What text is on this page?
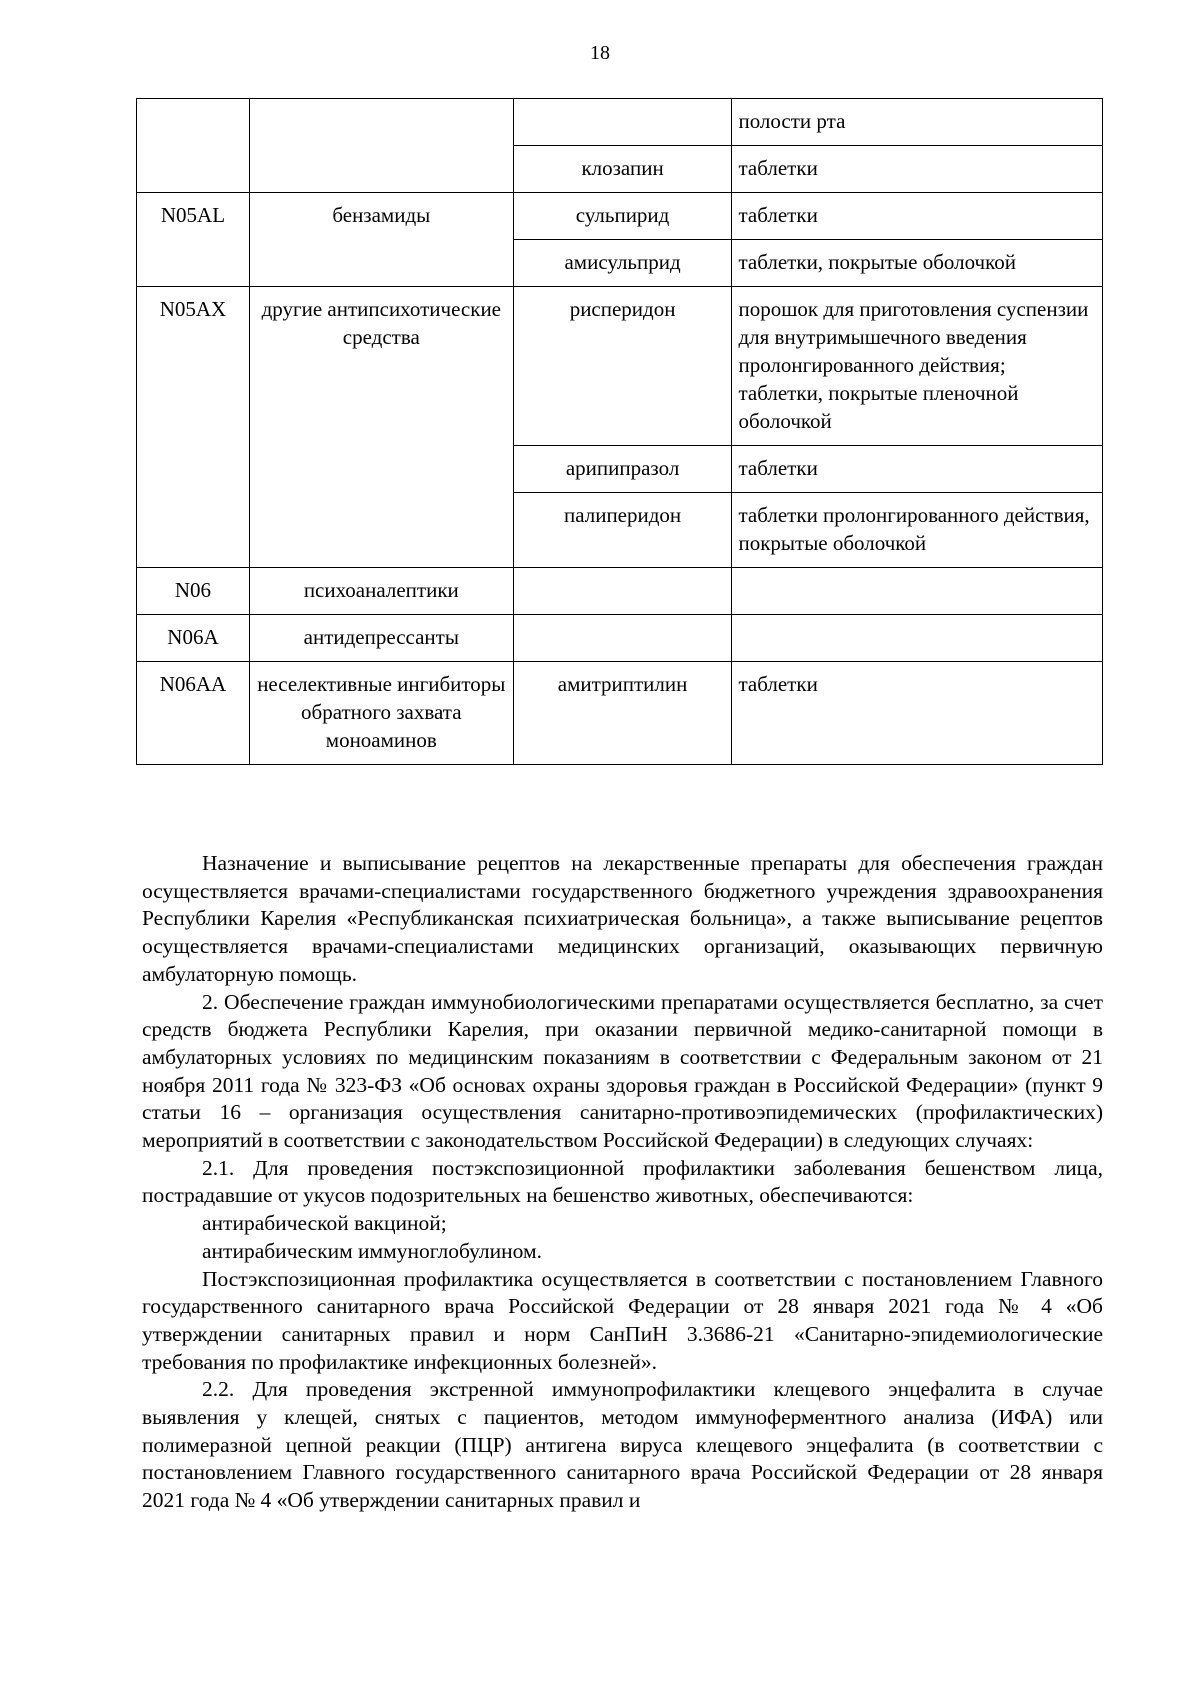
18
			полости рта
		клозапин	таблетки
N05AL	бензамиды	сульпирид	таблетки
		амисульприд	таблетки, покрытые оболочкой
N05AX	другие антипсихотические средства	рисперидон	порошок для приготовления суспензии для внутримышечного введения пролонгированного действия;
таблетки, покрытые пленочной оболочкой

		арипипразол	таблетки
		палиперидон	таблетки пролонгированного действия, покрытые оболочкой
N06	психоаналептики		
N06A	антидепрессанты		
N06AA	неселективные ингибиторы обратного захвата моноаминов	амитриптилин	таблетки

Назначение и выписывание рецептов на лекарственные препараты для обеспечения граждан осуществляется врачами-специалистами государственного бюджетного учреждения здравоохранения Республики Карелия «Республиканская психиатрическая больница», а также выписывание рецептов осуществляется врачами-специалистами медицинских организаций, оказывающих первичную амбулаторную помощь.

2. Обеспечение граждан иммунобиологическими препаратами осуществляется бесплатно, за счет средств бюджета Республики Карелия, при оказании первичной медико-санитарной помощи в амбулаторных условиях по медицинским показаниям в соответствии с Федеральным законом от 21 ноября 2011 года № 323-ФЗ «Об основах охраны здоровья граждан в Российской Федерации» (пункт 9 статьи 16 – организация осуществления санитарно-противоэпидемических (профилактических) мероприятий в соответствии с законодательством Российской Федерации) в следующих случаях:

2.1. Для проведения постэкспозиционной профилактики заболевания бешенством лица, пострадавшие от укусов подозрительных на бешенство животных, обеспечиваются:

антирабической вакциной;

антирабическим иммуноглобулином.

Постэкспозиционная профилактика осуществляется в соответствии с постановлением Главного государственного санитарного врача Российской Федерации от 28 января 2021 года № 4 «Об утверждении санитарных правил и норм СанПиН 3.3686-21 «Санитарно-эпидемиологические требования по профилактике инфекционных болезней».

2.2. Для проведения экстренной иммунопрофилактики клещевого энцефалита в случае выявления у клещей, снятых с пациентов, методом иммуноферментного анализа (ИФА) или полимеразной цепной реакции (ПЦР) антигена вируса клещевого энцефалита (в соответствии с постановлением Главного государственного санитарного врача Российской Федерации от 28 января 2021 года № 4 «Об утверждении санитарных правил и
